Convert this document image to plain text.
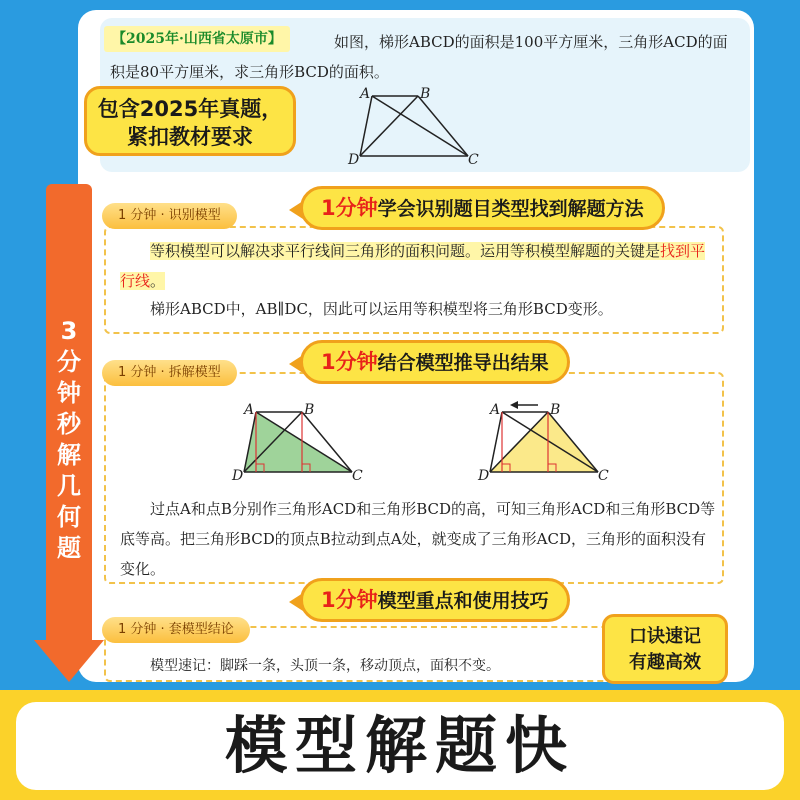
如图，梯形ABCD的面积是100平方厘米，三角形ACD的面积是80平方厘米，求三角形BCD的面积。
【2025年·山西省太原市】
A	B
D	C
包含2025年真题，
紧扣教材要求
3
分
钟
秒
解
几
何
题
1 分钟 · 识别模型	1分钟学会识别题目类型找到解题方法
等积模型可以解决求平行线间三角形的面积问题。运用等积模型解题的关键是找到平行线。
梯形ABCD中，AB∥DC，因此可以运用等积模型将三角形BCD变形。
1 分钟 · 拆解模型	1分钟结合模型推导出结果
A	B
D	C
A	B
D	C
过点A和点B分别作三角形ACD和三角形BCD的高，可知三角形ACD和三角形BCD等底等高。把三角形BCD的顶点B拉动到点A处，就变成了三角形ACD，三角形的面积没有变化。
1 分钟 · 套模型结论
1分钟模型重点和使用技巧
模型速记：脚踩一条，头顶一条，移动顶点，面积不变。
口诀速记
有趣高效
模型解题快
